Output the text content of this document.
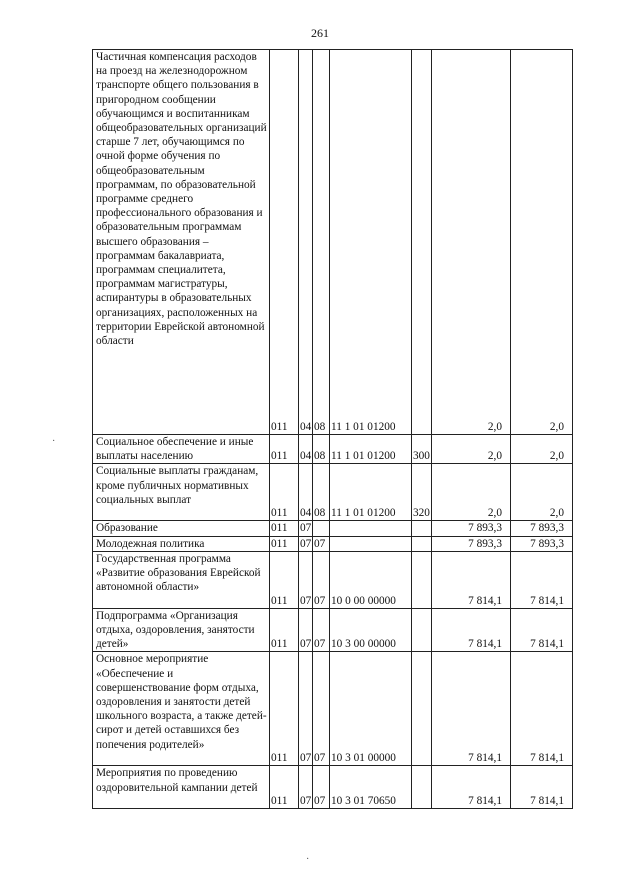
261
Частичная компенсация расходов на проезд на железнодорожном транспорте общего пользования в пригородном сообщении обучающимся и воспитанникам общеобразовательных организаций старше 7 лет, обучающимся по очной форме обучения по общеобразовательным программам, по образовательной программе среднего профессионального образования и образовательным программам высшего образования – программам бакалавриата, программам специалитета, программам магистратуры, аспирантуры в образовательных организациях, расположенных на территории Еврейской автономной области	011	04	08	11 1 01 01200		2,0	2,0
Социальное обеспечение и иные выплаты населению	011	04	08	11 1 01 01200	300	2,0	2,0
Социальные выплаты гражданам, кроме публичных нормативных социальных выплат	011	04	08	11 1 01 01200	320	2,0	2,0
Образование	011	07				7 893,3	7 893,3
Молодежная политика	011	07	07			7 893,3	7 893,3
Государственная программа «Развитие образования Еврейской автономной области»	011	07	07	10 0 00 00000		7 814,1	7 814,1
Подпрограмма «Организация отдыха, оздоровления, занятости детей»	011	07	07	10 3 00 00000		7 814,1	7 814,1
Основное мероприятие «Обеспечение и совершенствование форм отдыха, оздоровления и занятости детей школьного возраста, а также детей-сирот и детей оставшихся без попечения родителей»	011	07	07	10 3 01 00000		7 814,1	7 814,1
Мероприятия по проведению оздоровительной кампании детей	011	07	07	10 3 01 70650		7 814,1	7 814,1
·
·
